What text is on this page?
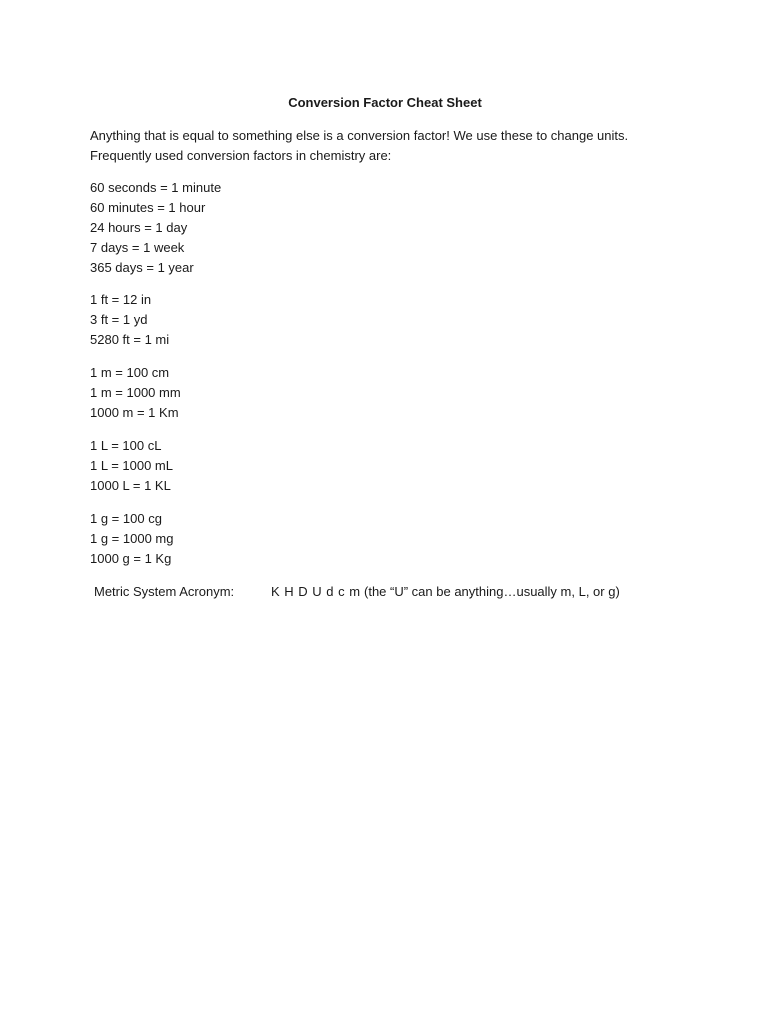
Conversion Factor Cheat Sheet

Anything that is equal to something else is a conversion factor! We use these to change units.

Frequently used conversion factors in chemistry are:

60 seconds = 1 minute
60 minutes = 1 hour
24 hours = 1 day
7 days = 1 week
365 days = 1 year
1 ft = 12 in
3 ft = 1 yd
5280 ft = 1 mi
1 m = 100 cm
1 m = 1000 mm
1000 m = 1 Km
1 L = 100 cL
1 L = 1000 mL
1000 L = 1 KL
1 g = 100 cg
1 g = 1000 mg
1000 g = 1 Kg
Metric System Acronym:	K H D U d c m (the “U” can be anything…usually m, L, or g)
